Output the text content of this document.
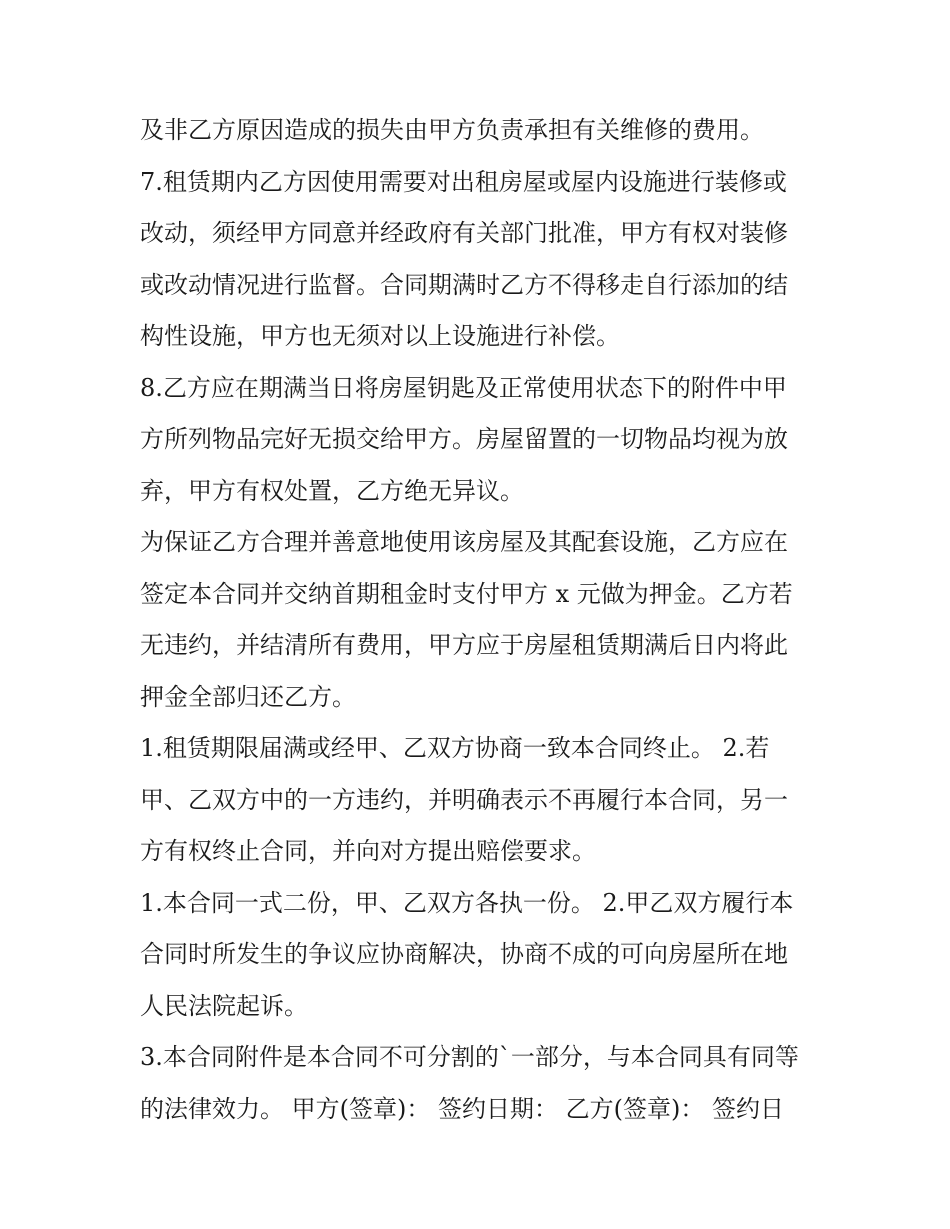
及非乙方原因造成的损失由甲方负责承担有关维修的费用。
7.租赁期内乙方因使用需要对出租房屋或屋内设施进行装修或
改动，须经甲方同意并经政府有关部门批准，甲方有权对装修
或改动情况进行监督。合同期满时乙方不得移走自行添加的结
构性设施，甲方也无须对以上设施进行补偿。
8.乙方应在期满当日将房屋钥匙及正常使用状态下的附件中甲
方所列物品完好无损交给甲方。房屋留置的一切物品均视为放
弃，甲方有权处置，乙方绝无异议。
为保证乙方合理并善意地使用该房屋及其配套设施，乙方应在
签定本合同并交纳首期租金时支付甲方 x 元做为押金。乙方若
无违约，并结清所有费用，甲方应于房屋租赁期满后日内将此
押金全部归还乙方。
1.租赁期限届满或经甲、乙双方协商一致本合同终止。 2.若
甲、乙双方中的一方违约，并明确表示不再履行本合同，另一
方有权终止合同，并向对方提出赔偿要求。
1.本合同一式二份，甲、乙双方各执一份。 2.甲乙双方履行本
合同时所发生的争议应协商解决，协商不成的可向房屋所在地
人民法院起诉。
3.本合同附件是本合同不可分割的`一部分，与本合同具有同等
的法律效力。 甲方(签章)： 签约日期： 乙方(签章)： 签约日
